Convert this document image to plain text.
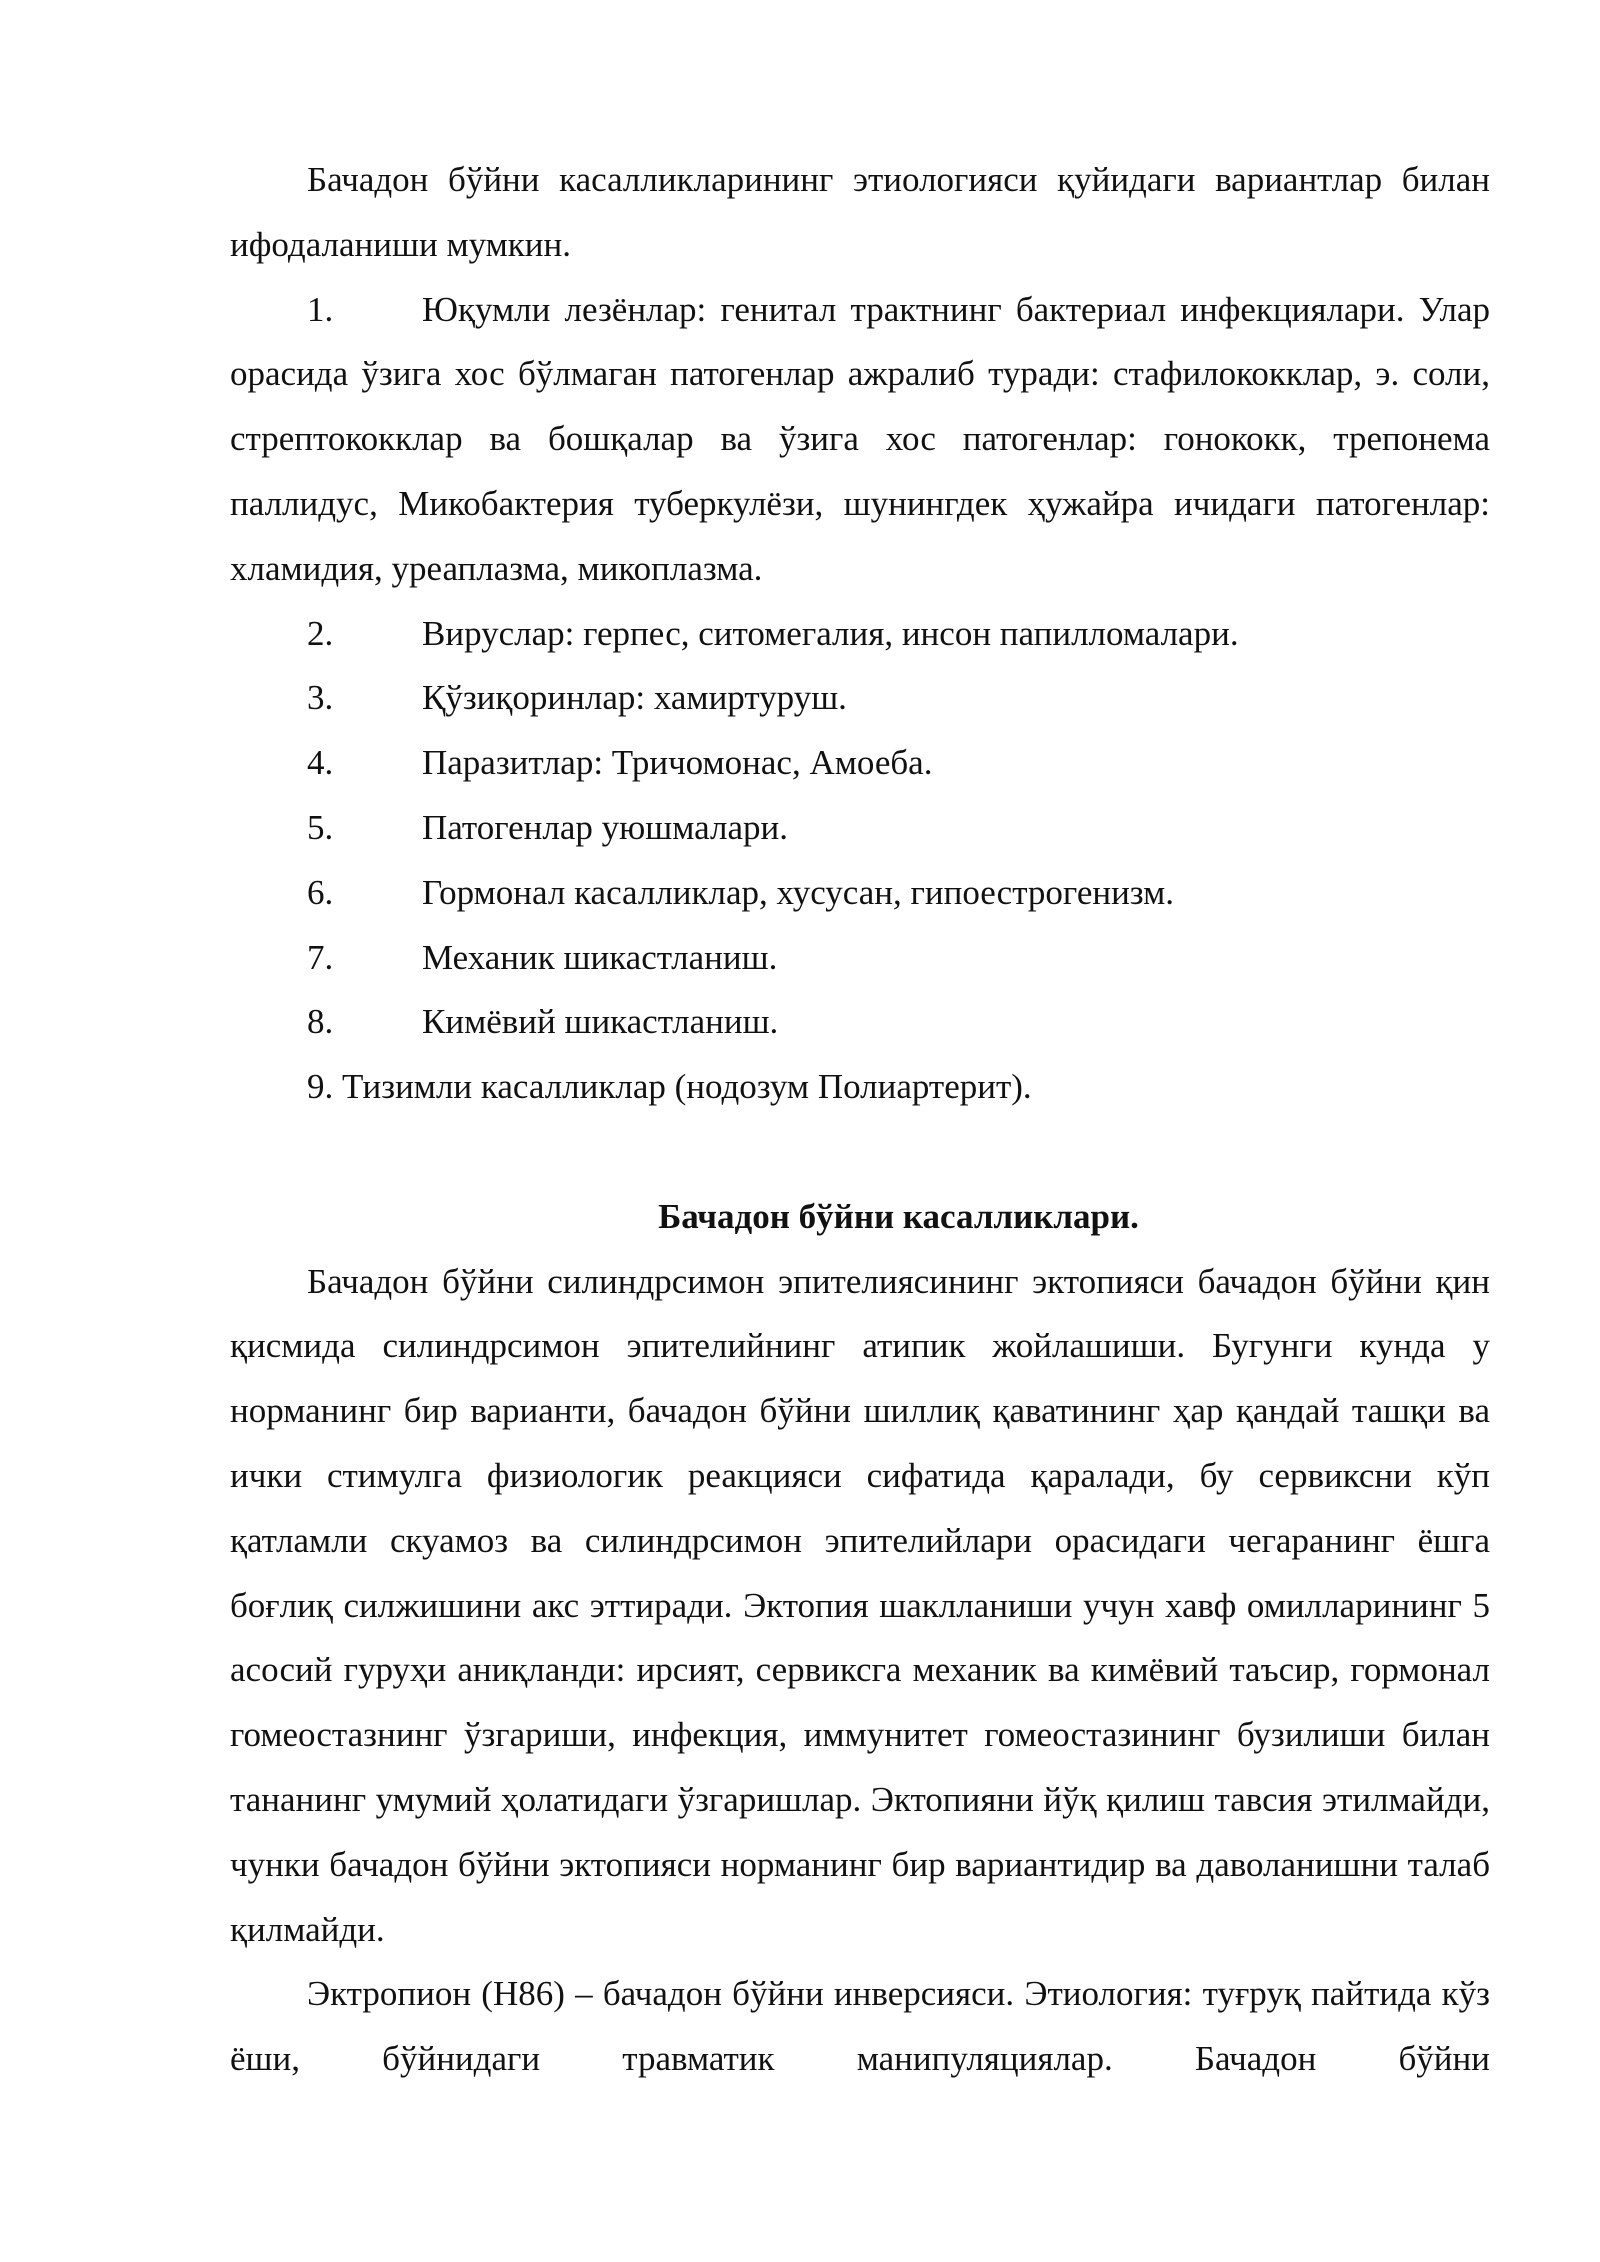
Бачадон бўйни касалликларининг этиологияси қуйидаги вариантлар билан ифодаланиши мумкин.

1.	Юқумли лезёнлар: генитал трактнинг бактериал инфекциялари. Улар орасида ўзига хос бўлмаган патогенлар ажралиб туради: стафилококклар, э. соли, стрептококклар ва бошқалар ва ўзига хос патогенлар: гонококк, трепонема паллидус, Микобактерия туберкулёзи, шунингдек ҳужайра ичидаги патогенлар: хламидия, уреаплазма, микоплазма.

2.	Вируслар: герпес, ситомегалия, инсон папилломалари.
3.	Қўзиқоринлар: хамиртуруш.
4.	Паразитлар: Тричомонас, Амоеба.
5.	Патогенлар уюшмалари.
6.	Гормонал касалликлар, хусусан, гипоестрогенизм.
7.	Механик шикастланиш.
8.	Кимёвий шикастланиш.

9. Тизимли касалликлар (нодозум Полиартерит).

Бачадон бўйни касалликлари.

Бачадон бўйни силиндрсимон эпителиясининг эктопияси бачадон бўйни қин қисмида силиндрсимон эпителийнинг атипик жойлашиши. Бугунги кунда у норманинг бир варианти, бачадон бўйни шиллиқ қаватининг ҳар қандай ташқи ва ички стимулга физиологик реакцияси сифатида қаралади, бу сервиксни кўп қатламли скуамоз ва силиндрсимон эпителийлари орасидаги чегаранинг ёшга боғлиқ силжишини акс эттиради. Эктопия шаклланиши учун хавф омилларининг 5 асосий гуруҳи аниқланди: ирсият, сервиксга механик ва кимёвий таъсир, гормонал гомеостазнинг ўзгариши, инфекция, иммунитет гомеостазининг бузилиши билан тананинг умумий ҳолатидаги ўзгаришлар. Эктопияни йўқ қилиш тавсия этилмайди, чунки бачадон бўйни эктопияси норманинг бир вариантидир ва даволанишни талаб қилмайди.

Эктропион (Н86) – бачадон бўйни инверсияси. Этиология: туғруқ пайтида кўз ёши, бўйнидаги травматик манипуляциялар. Бачадон бўйни
